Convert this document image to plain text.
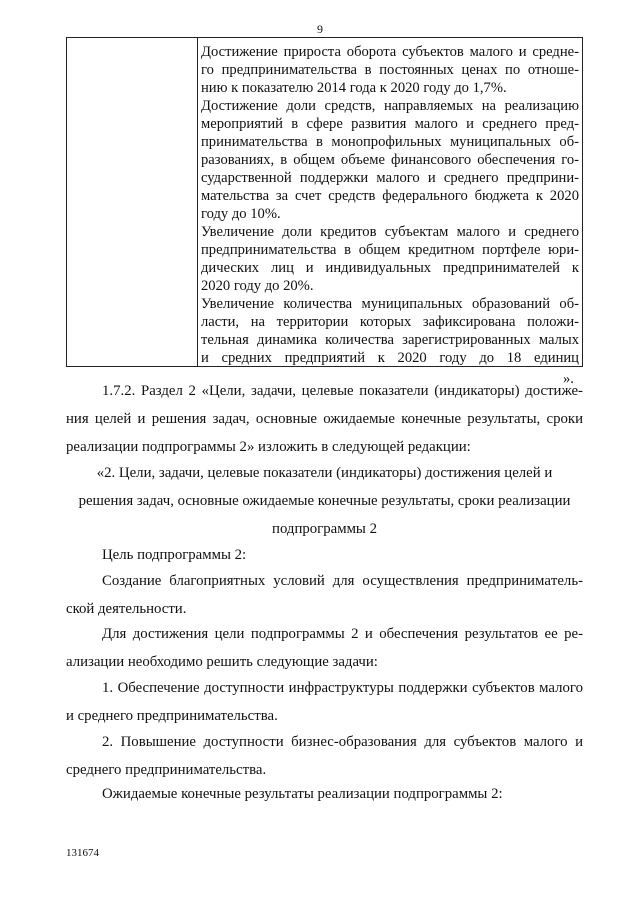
9
Достижение прироста оборота субъектов малого и средне-
го предпринимательства в постоянных ценах по отноше-
нию к показателю 2014 года к 2020 году до 1,7%.
Достижение доли средств, направляемых на реализацию
мероприятий в сфере развития малого и среднего пред-
принимательства в монопрофильных муниципальных об-
разованиях, в общем объеме финансового обеспечения го-
сударственной поддержки малого и среднего предприни-
мательства за счет средств федерального бюджета к 2020
году до 10%.
Увеличение доли кредитов субъектам малого и среднего
предпринимательства в общем кредитном портфеле юри-
дических лиц и индивидуальных предпринимателей к
2020 году до 20%.
Увеличение количества муниципальных образований об-
ласти, на территории которых зафиксирована положи-
тельная динамика количества зарегистрированных малых
и средних предприятий к 2020 году до 18 единиц
».
1.7.2. Раздел 2 «Цели, задачи, целевые показатели (индикаторы) достиже-
ния целей и решения задач, основные ожидаемые конечные результаты, сроки
реализации подпрограммы 2» изложить в следующей редакции:
«2. Цели, задачи, целевые показатели (индикаторы) достижения целей и
решения задач, основные ожидаемые конечные результаты, сроки реализации
подпрограммы 2
Цель подпрограммы 2:
Создание благоприятных условий для осуществления предпринимaтель-
ской деятельности.
Для достижения цели подпрограммы 2 и обеспечения результатов ее ре-
ализации необходимо решить следующие задачи:
1. Обеспечение доступности инфраструктуры поддержки субъектов малого
и среднего предпринимательства.
2. Повышение доступности бизнес-образования для субъектов малого и
среднего предпринимательства.
Ожидаемые конечные результаты реализации подпрограммы 2:
131674
